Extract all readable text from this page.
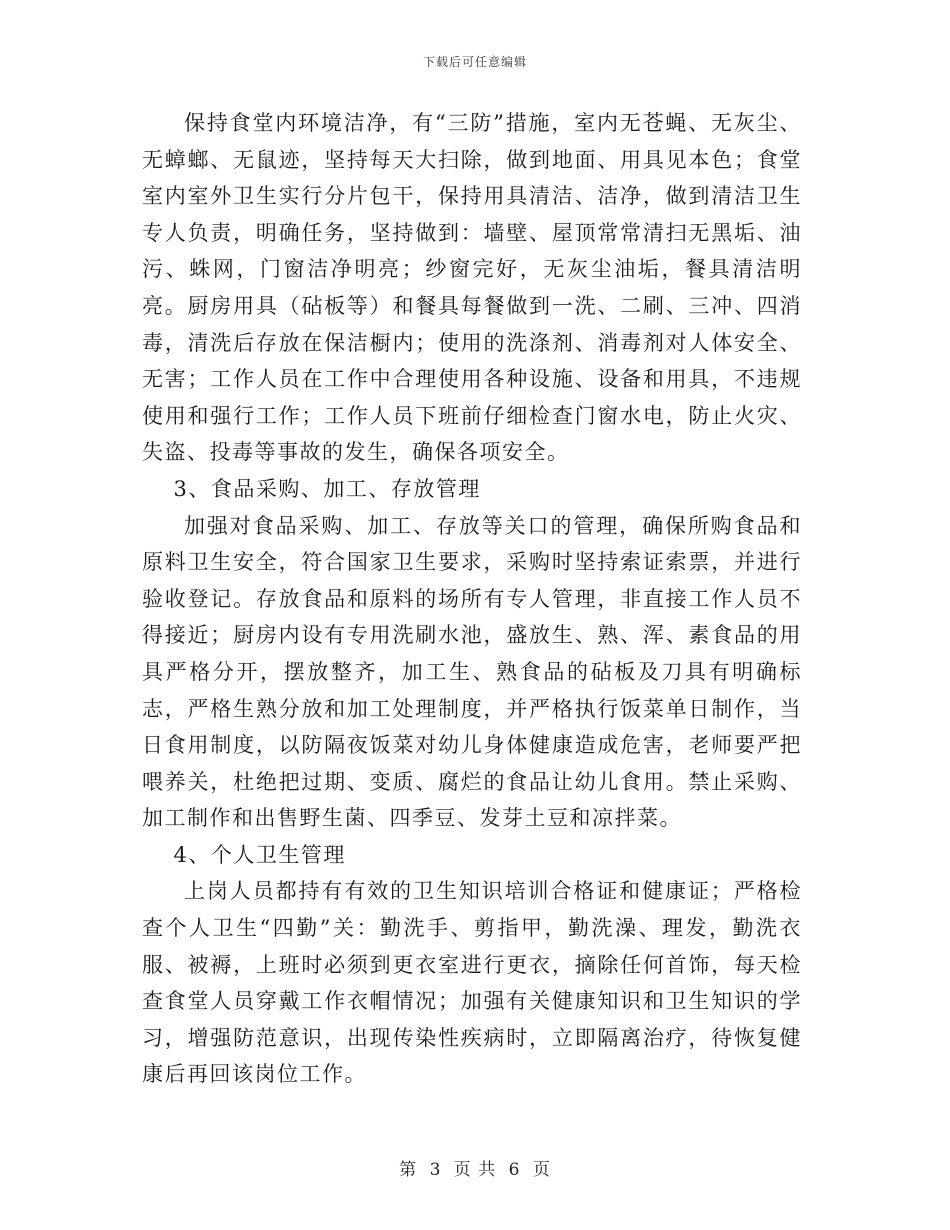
下载后可任意编辑

保持食堂内环境洁净，有“三防”措施，室内无苍蝇、无灰尘、无蟑螂、无鼠迹，坚持每天大扫除，做到地面、用具见本色；食堂室内室外卫生实行分片包干，保持用具清洁、洁净，做到清洁卫生专人负责，明确任务，坚持做到：墙壁、屋顶常常清扫无黑垢、油污、蛛网，门窗洁净明亮；纱窗完好，无灰尘油垢，餐具清洁明亮。厨房用具（砧板等）和餐具每餐做到一洗、二刷、三冲、四消毒，清洗后存放在保洁橱内；使用的洗涤剂、消毒剂对人体安全、无害；工作人员在工作中合理使用各种设施、设备和用具，不违规使用和强行工作；工作人员下班前仔细检查门窗水电，防止火灾、失盗、投毒等事故的发生，确保各项安全。

3、食品采购、加工、存放管理

加强对食品采购、加工、存放等关口的管理，确保所购食品和原料卫生安全，符合国家卫生要求，采购时坚持索证索票，并进行验收登记。存放食品和原料的场所有专人管理，非直接工作人员不得接近；厨房内设有专用洗刷水池，盛放生、熟、浑、素食品的用具严格分开，摆放整齐，加工生、熟食品的砧板及刀具有明确标志，严格生熟分放和加工处理制度，并严格执行饭菜单日制作，当日食用制度，以防隔夜饭菜对幼儿身体健康造成危害，老师要严把喂养关，杜绝把过期、变质、腐烂的食品让幼儿食用。禁止采购、加工制作和出售野生菌、四季豆、发芽土豆和凉拌菜。

4、个人卫生管理

上岗人员都持有有效的卫生知识培训合格证和健康证；严格检查个人卫生“四勤”关：勤洗手、剪指甲，勤洗澡、理发，勤洗衣服、被褥，上班时必须到更衣室进行更衣，摘除任何首饰，每天检查食堂人员穿戴工作衣帽情况；加强有关健康知识和卫生知识的学习，增强防范意识，出现传染性疾病时，立即隔离治疗，待恢复健康后再回该岗位工作。

第 3 页 共 6 页
